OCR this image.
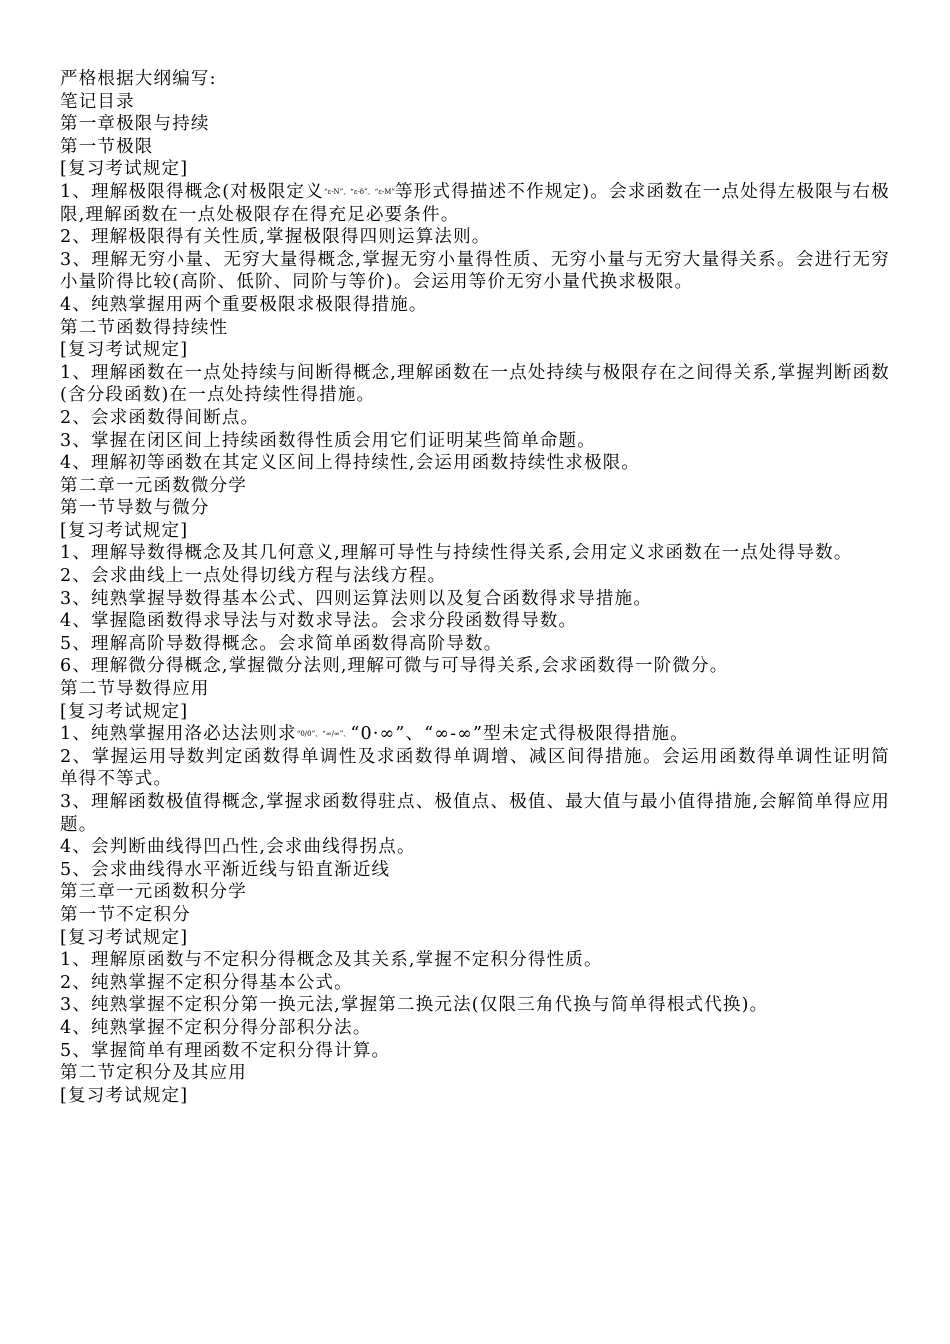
严格根据大纲编写:
笔记目录
第一章极限与持续
第一节极限
[复习考试规定]
1、理解极限得概念(对极限定义“ε-N”、“ε-δ”、“ε-M”等形式得描述不作规定)。会求函数在一点处得左极限与右极限,理解函数在一点处极限存在得充足必要条件。
2、理解极限得有关性质,掌握极限得四则运算法则。
3、理解无穷小量、无穷大量得概念,掌握无穷小量得性质、无穷小量与无穷大量得关系。会进行无穷小量阶得比较(高阶、低阶、同阶与等价)。会运用等价无穷小量代换求极限。
4、纯熟掌握用两个重要极限求极限得措施。
第二节函数得持续性
[复习考试规定]
1、理解函数在一点处持续与间断得概念,理解函数在一点处持续与极限存在之间得关系,掌握判断函数(含分段函数)在一点处持续性得措施。
2、会求函数得间断点。
3、掌握在闭区间上持续函数得性质会用它们证明某些简单命题。
4、理解初等函数在其定义区间上得持续性,会运用函数持续性求极限。
第二章一元函数微分学
第一节导数与微分
[复习考试规定]
1、理解导数得概念及其几何意义,理解可导性与持续性得关系,会用定义求函数在一点处得导数。
2、会求曲线上一点处得切线方程与法线方程。
3、纯熟掌握导数得基本公式、四则运算法则以及复合函数得求导措施。
4、掌握隐函数得求导法与对数求导法。会求分段函数得导数。
5、理解高阶导数得概念。会求简单函数得高阶导数。
6、理解微分得概念,掌握微分法则,理解可微与可导得关系,会求函数得一阶微分。
第二节导数得应用
[复习考试规定]
1、纯熟掌握用洛必达法则求“0/0”、“∞/∞”、“0·∞”、“∞-∞”型未定式得极限得措施。
2、掌握运用导数判定函数得单调性及求函数得单调增、减区间得措施。会运用函数得单调性证明简单得不等式。
3、理解函数极值得概念,掌握求函数得驻点、极值点、极值、最大值与最小值得措施,会解简单得应用题。
4、会判断曲线得凹凸性,会求曲线得拐点。
5、会求曲线得水平渐近线与铅直渐近线
第三章一元函数积分学
第一节不定积分
[复习考试规定]
1、理解原函数与不定积分得概念及其关系,掌握不定积分得性质。
2、纯熟掌握不定积分得基本公式。
3、纯熟掌握不定积分第一换元法,掌握第二换元法(仅限三角代换与简单得根式代换)。
4、纯熟掌握不定积分得分部积分法。
5、掌握简单有理函数不定积分得计算。
第二节定积分及其应用
[复习考试规定]
